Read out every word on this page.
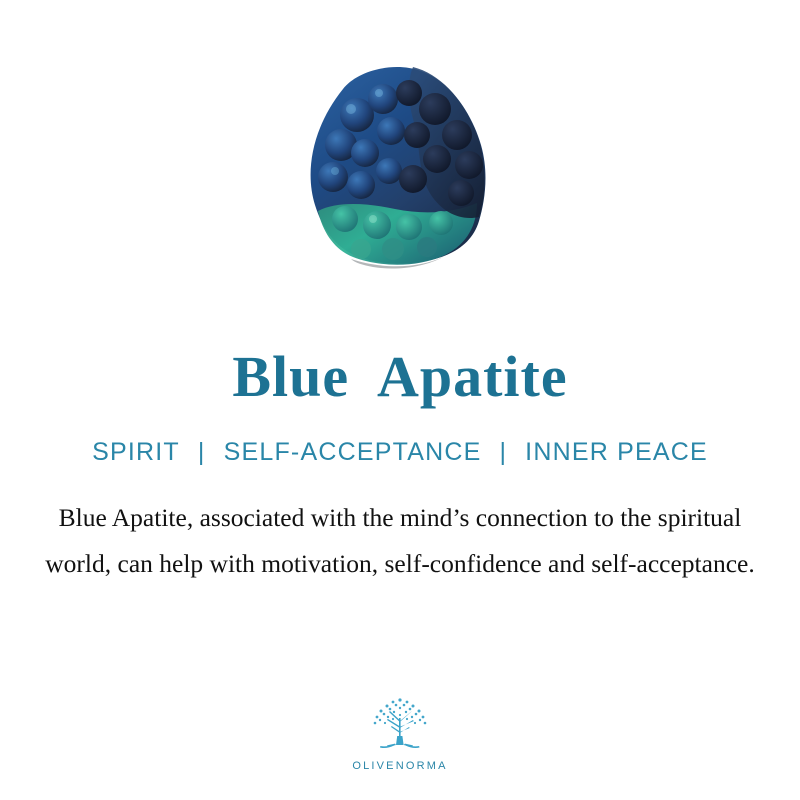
Blue  Apatite
SPIRIT | SELF-ACCEPTANCE | INNER PEACE
Blue Apatite, associated with the mind’s connection to the spiritual world, can help with motivation, self-confidence and self-acceptance.
OLIVENORMA
